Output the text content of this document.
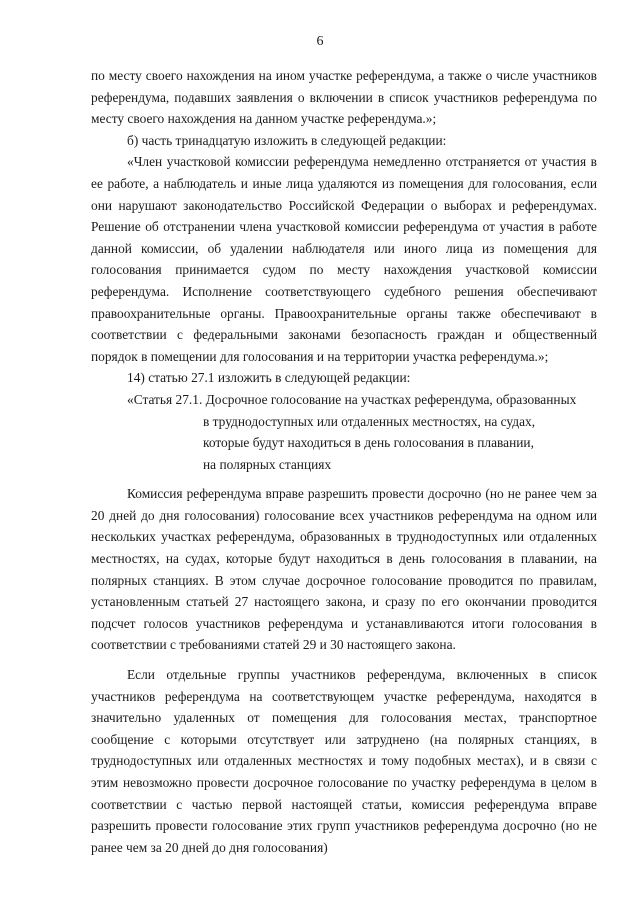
6

по месту своего нахождения на ином участке референдума, а также о числе участников референдума, подавших заявления о включении в список участников референдума по месту своего нахождения на данном участке референдума.»;

б) часть тринадцатую изложить в следующей редакции:

«Член участковой комиссии референдума немедленно отстраняется от участия в ее работе, а наблюдатель и иные лица удаляются из помещения для голосования, если они нарушают законодательство Российской Федерации о выборах и референдумах. Решение об отстранении члена участковой комиссии референдума от участия в работе данной комиссии, об удалении наблюдателя или иного лица из помещения для голосования принимается судом по месту нахождения участковой комиссии референдума. Исполнение соответствующего судебного решения обеспечивают правоохранительные органы. Правоохранительные органы также обеспечивают в соответствии с федеральными законами безопасность граждан и общественный порядок в помещении для голосования и на территории участка референдума.»;

14) статью 27.1 изложить в следующей редакции:

«Статья 27.1. Досрочное голосование на участках референдума, образованных
в труднодоступных или отдаленных местностях, на судах,
которые будут находиться в день голосования в плавании,
на полярных станциях

Комиссия референдума вправе разрешить провести досрочно (но не ранее чем за 20 дней до дня голосования) голосование всех участников референдума на одном или нескольких участках референдума, образованных в труднодоступных или отдаленных местностях, на судах, которые будут находиться в день голосования в плавании, на полярных станциях. В этом случае досрочное голосование проводится по правилам, установленным статьей 27 настоящего закона, и сразу по его окончании проводится подсчет голосов участников референдума и устанавливаются итоги голосования в соответствии с требованиями статей 29 и 30 настоящего закона.

Если отдельные группы участников референдума, включенных в список участников референдума на соответствующем участке референдума, находятся в значительно удаленных от помещения для голосования местах, транспортное сообщение с которыми отсутствует или затруднено (на полярных станциях, в труднодоступных или отдаленных местностях и тому подобных местах), и в связи с этим невозможно провести досрочное голосование по участку референдума в целом в соответствии с частью первой настоящей статьи, комиссия референдума вправе разрешить провести голосование этих групп участников референдума досрочно (но не ранее чем за 20 дней до дня голосования)
